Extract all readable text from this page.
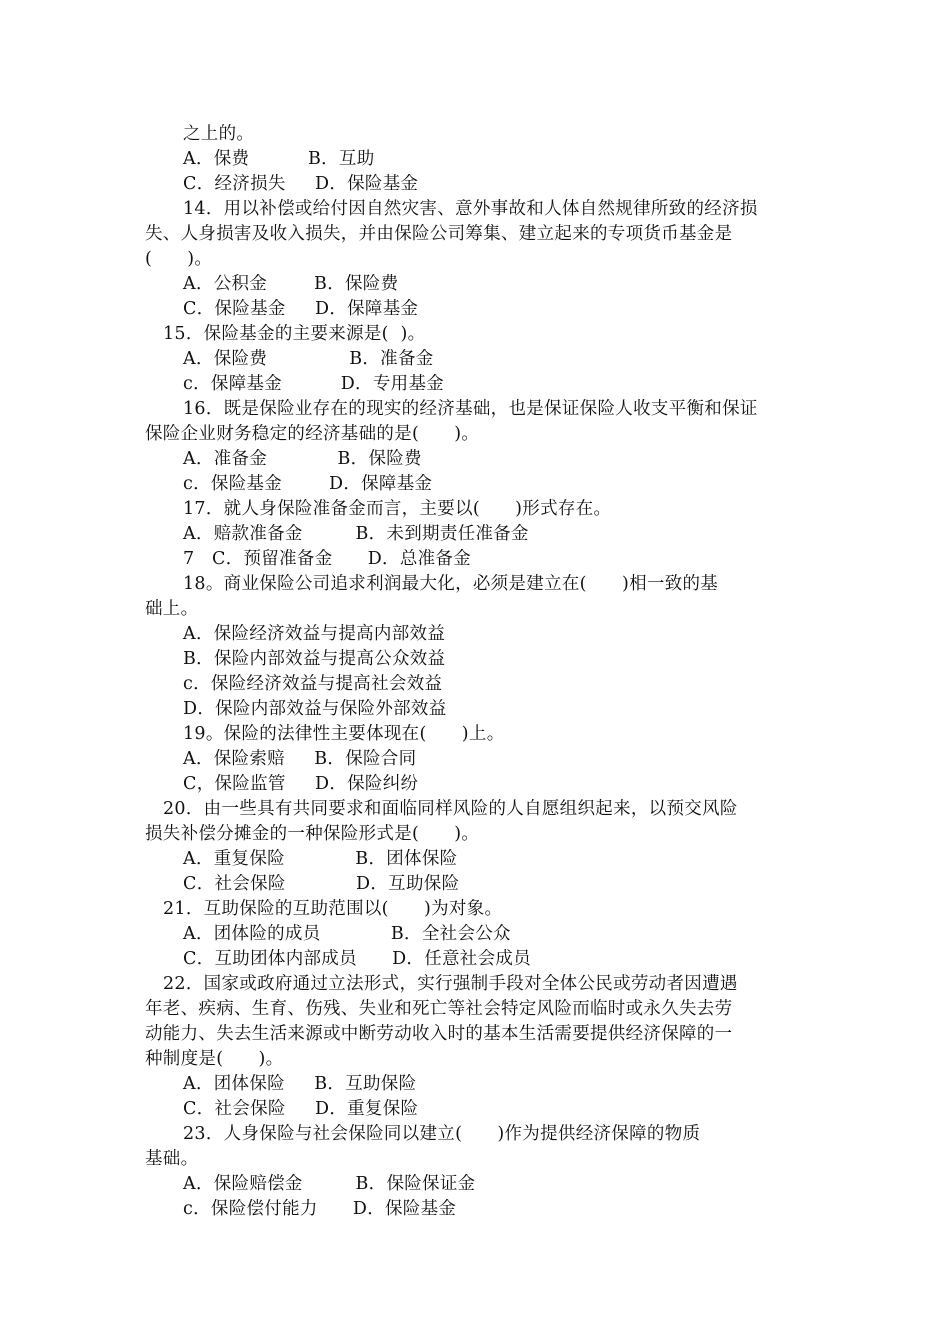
之上的。
A．保费          B．互助
C．经济损失     D．保险基金
14．用以补偿或给付因自然灾害、意外事故和人体自然规律所致的经济损
失、人身损害及收入损失，并由保险公司筹集、建立起来的专项货币基金是
(      )。
A．公积金        B．保险费
C．保险基金     D．保障基金
15．保险基金的主要来源是(  )。
A．保险费              B．准备金
c．保障基金          D．专用基金
16．既是保险业存在的现实的经济基础，也是保证保险人收支平衡和保证
保险企业财务稳定的经济基础的是(      )。
A．准备金            B．保险费
c．保险基金        D．保障基金
17．就人身保险准备金而言，主要以(      )形式存在。
A．赔款准备金         B．未到期责任准备金
7   C．预留准备金      D．总准备金
18。商业保险公司追求利润最大化，必须是建立在(      )相一致的基
础上。
A．保险经济效益与提高内部效益
B．保险内部效益与提高公众效益
c．保险经济效益与提高社会效益
D．保险内部效益与保险外部效益
19。保险的法律性主要体现在(      )上。
A．保险索赔     B．保险合同
C，保险监管     D．保险纠纷
20．由一些具有共同要求和面临同样风险的人自愿组织起来，以预交风险
损失补偿分摊金的一种保险形式是(      )。
A．重复保险            B．团体保险
C．社会保险            D．互助保险
21．互助保险的互助范围以(      )为对象。
A．团体险的成员            B．全社会公众
C．互助团体内部成员      D．任意社会成员
22．国家或政府通过立法形式，实行强制手段对全体公民或劳动者因遭遇
年老、疾病、生育、伤残、失业和死亡等社会特定风险而临时或永久失去劳
动能力、失去生活来源或中断劳动收入时的基本生活需要提供经济保障的一
种制度是(      )。
A．团体保险     B．互助保险
C．社会保险     D．重复保险
23．人身保险与社会保险同以建立(      )作为提供经济保障的物质
基础。
A．保险赔偿金         B．保险保证金
c．保险偿付能力      D．保险基金
